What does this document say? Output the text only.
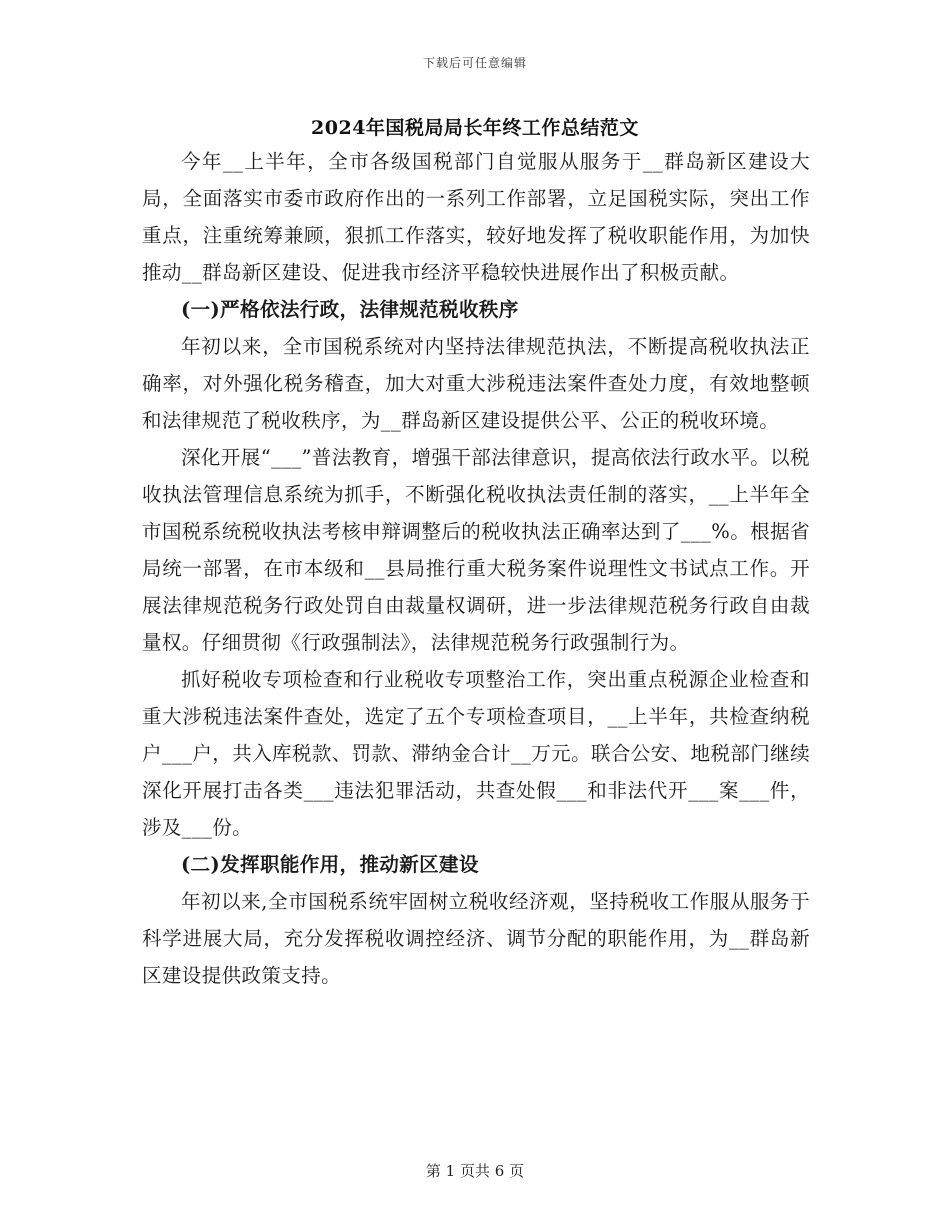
下载后可任意编辑
2024年国税局局长年终工作总结范文

今年__上半年，全市各级国税部门自觉服从服务于__群岛新区建设大局，全面落实市委市政府作出的一系列工作部署，立足国税实际，突出工作重点，注重统筹兼顾，狠抓工作落实，较好地发挥了税收职能作用，为加快推动__群岛新区建设、促进我市经济平稳较快进展作出了积极贡献。

(一)严格依法行政，法律规范税收秩序

年初以来，全市国税系统对内坚持法律规范执法，不断提高税收执法正确率，对外强化税务稽查，加大对重大涉税违法案件查处力度，有效地整顿和法律规范了税收秩序，为__群岛新区建设提供公平、公正的税收环境。

深化开展“___”普法教育，增强干部法律意识，提高依法行政水平。以税收执法管理信息系统为抓手，不断强化税收执法责任制的落实，__上半年全市国税系统税收执法考核申辩调整后的税收执法正确率达到了___%。根据省局统一部署，在市本级和__县局推行重大税务案件说理性文书试点工作。开展法律规范税务行政处罚自由裁量权调研，进一步法律规范税务行政自由裁量权。仔细贯彻《行政强制法》，法律规范税务行政强制行为。

抓好税收专项检查和行业税收专项整治工作，突出重点税源企业检查和重大涉税违法案件查处，选定了五个专项检查项目，__上半年，共检查纳税户___户，共入库税款、罚款、滞纳金合计__万元。联合公安、地税部门继续深化开展打击各类___违法犯罪活动，共查处假___和非法代开___案___件，涉及___份。

(二)发挥职能作用，推动新区建设

年初以来,全市国税系统牢固树立税收经济观，坚持税收工作服从服务于科学进展大局，充分发挥税收调控经济、调节分配的职能作用，为__群岛新区建设提供政策支持。

第 1 页共 6 页
